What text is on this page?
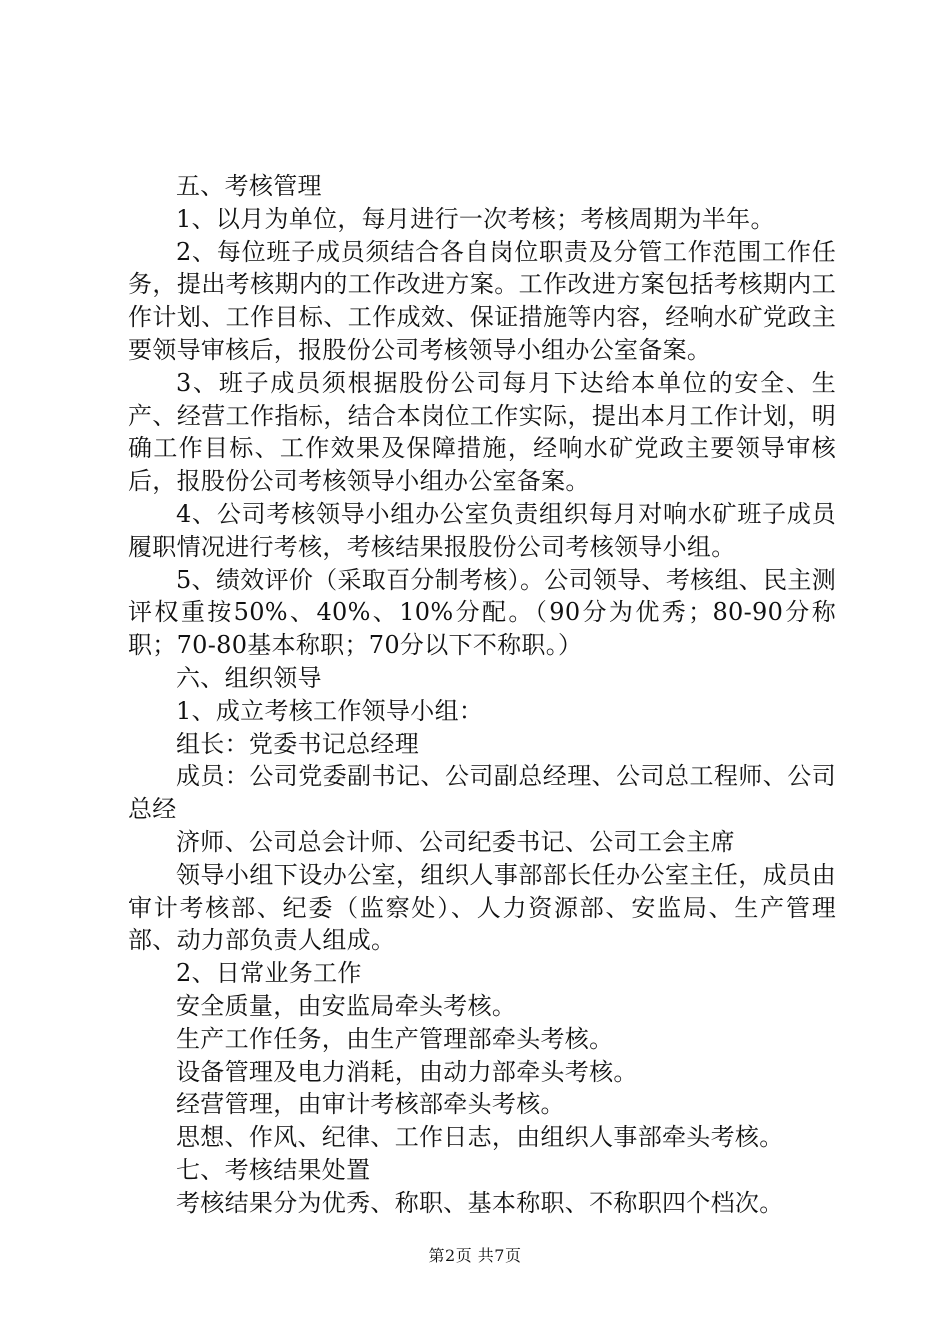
五、考核管理

1、以月为单位，每月进行一次考核；考核周期为半年。

2、每位班子成员须结合各自岗位职责及分管工作范围工作任务，提出考核期内的工作改进方案。工作改进方案包括考核期内工作计划、工作目标、工作成效、保证措施等内容，经响水矿党政主要领导审核后，报股份公司考核领导小组办公室备案。

3、班子成员须根据股份公司每月下达给本单位的安全、生产、经营工作指标，结合本岗位工作实际，提出本月工作计划，明确工作目标、工作效果及保障措施，经响水矿党政主要领导审核后，报股份公司考核领导小组办公室备案。

4、公司考核领导小组办公室负责组织每月对响水矿班子成员履职情况进行考核，考核结果报股份公司考核领导小组。

5、绩效评价（采取百分制考核）。公司领导、考核组、民主测评权重按50%、40%、10%分配。（90分为优秀；80-90分称职；70-80基本称职；70分以下不称职。）

六、组织领导

1、成立考核工作领导小组：

组长：党委书记总经理

成员：公司党委副书记、公司副总经理、公司总工程师、公司总经

济师、公司总会计师、公司纪委书记、公司工会主席

领导小组下设办公室，组织人事部部长任办公室主任，成员由审计考核部、纪委（监察处）、人力资源部、安监局、生产管理部、动力部负责人组成。

2、日常业务工作

安全质量，由安监局牵头考核。

生产工作任务，由生产管理部牵头考核。

设备管理及电力消耗，由动力部牵头考核。

经营管理，由审计考核部牵头考核。

思想、作风、纪律、工作日志，由组织人事部牵头考核。

七、考核结果处置

考核结果分为优秀、称职、基本称职、不称职四个档次。

第2页 共7页
